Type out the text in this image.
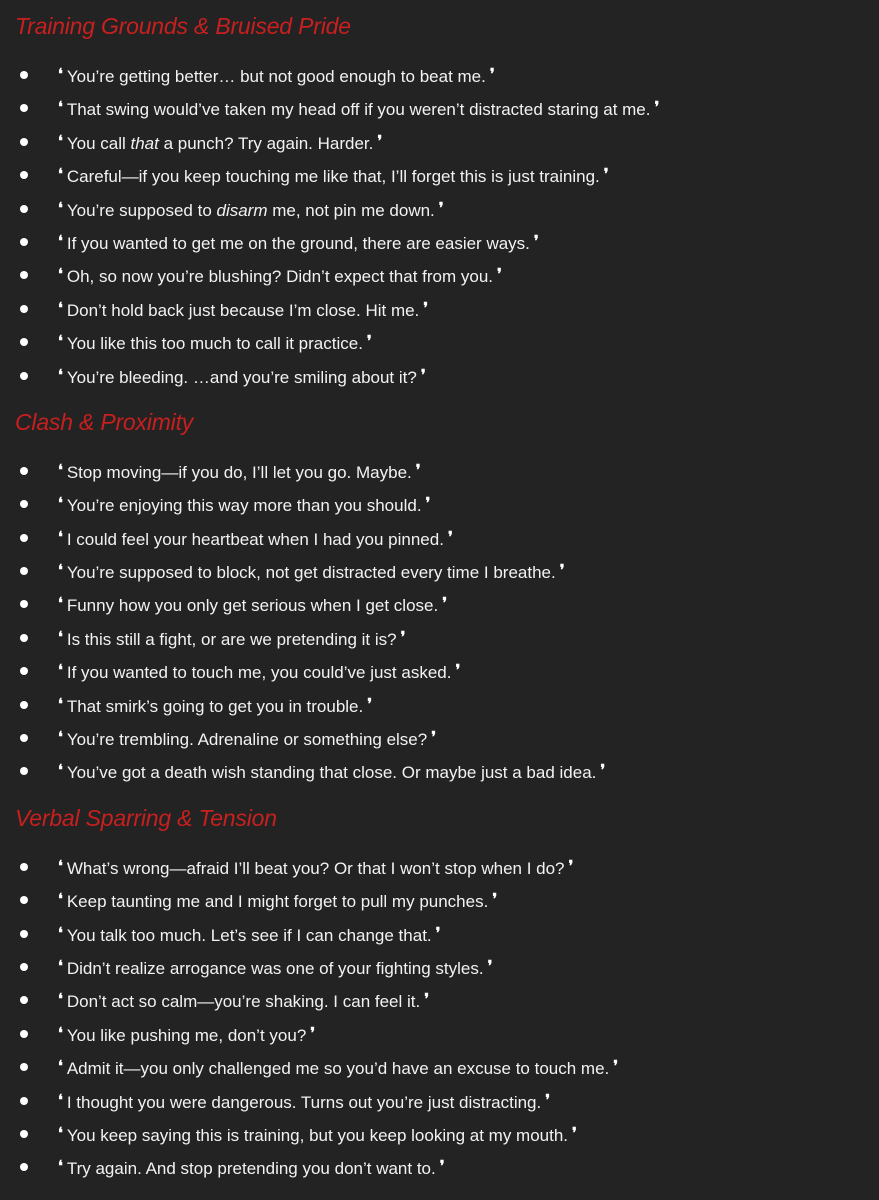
Training Grounds & Bruised Pride
❛ You’re getting better… but not good enough to beat me. ❜
❛ That swing would’ve taken my head off if you weren’t distracted staring at me. ❜
❛ You call that a punch? Try again. Harder. ❜
❛ Careful—if you keep touching me like that, I’ll forget this is just training. ❜
❛ You’re supposed to disarm me, not pin me down. ❜
❛ If you wanted to get me on the ground, there are easier ways. ❜
❛ Oh, so now you’re blushing? Didn’t expect that from you. ❜
❛ Don’t hold back just because I’m close. Hit me. ❜
❛ You like this too much to call it practice. ❜
❛ You’re bleeding. …and you’re smiling about it? ❜
Clash & Proximity
❛ Stop moving—if you do, I’ll let you go. Maybe. ❜
❛ You’re enjoying this way more than you should. ❜
❛ I could feel your heartbeat when I had you pinned. ❜
❛ You’re supposed to block, not get distracted every time I breathe. ❜
❛ Funny how you only get serious when I get close. ❜
❛ Is this still a fight, or are we pretending it is? ❜
❛ If you wanted to touch me, you could’ve just asked. ❜
❛ That smirk’s going to get you in trouble. ❜
❛ You’re trembling. Adrenaline or something else? ❜
❛ You’ve got a death wish standing that close. Or maybe just a bad idea. ❜
Verbal Sparring & Tension
❛ What’s wrong—afraid I’ll beat you? Or that I won’t stop when I do? ❜
❛ Keep taunting me and I might forget to pull my punches. ❜
❛ You talk too much. Let’s see if I can change that. ❜
❛ Didn’t realize arrogance was one of your fighting styles. ❜
❛ Don’t act so calm—you’re shaking. I can feel it. ❜
❛ You like pushing me, don’t you? ❜
❛ Admit it—you only challenged me so you’d have an excuse to touch me. ❜
❛ I thought you were dangerous. Turns out you’re just distracting. ❜
❛ You keep saying this is training, but you keep looking at my mouth. ❜
❛ Try again. And stop pretending you don’t want to. ❜
